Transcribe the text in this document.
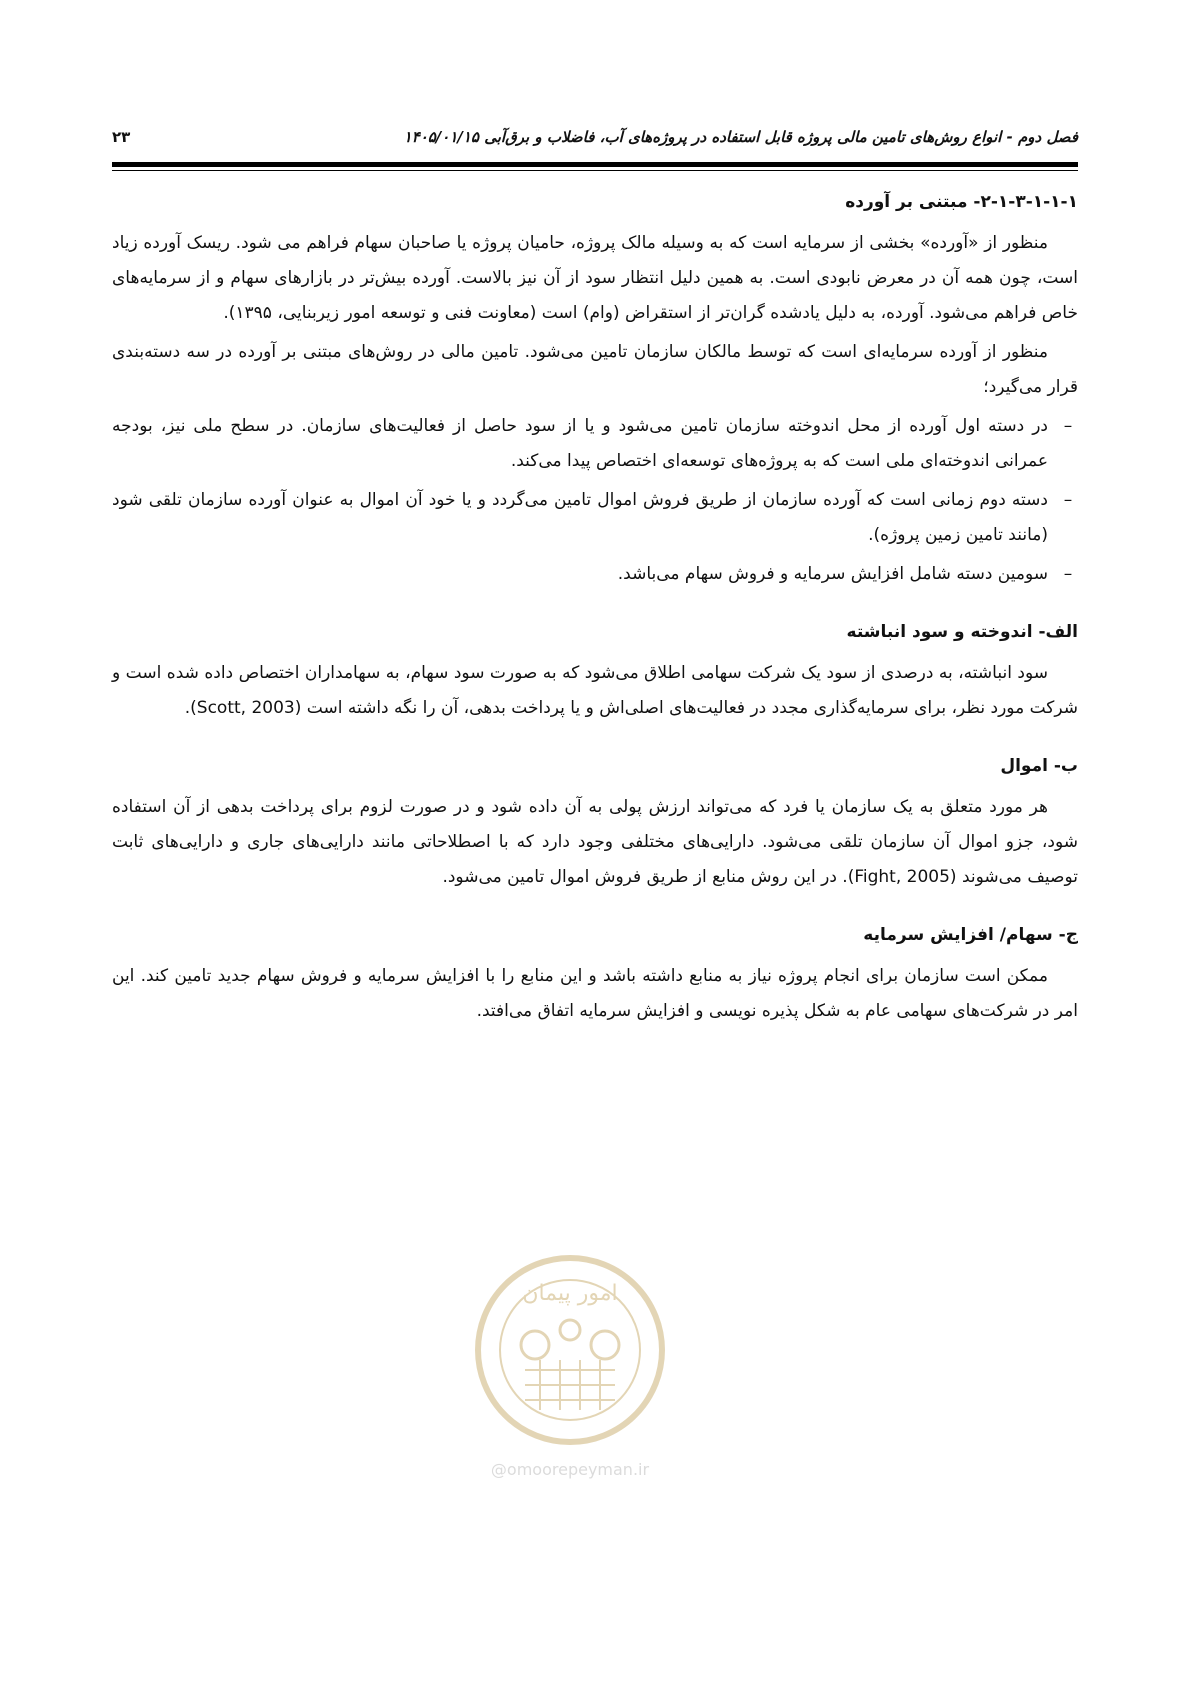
فصل دوم - انواع روش‌های تامین مالی پروژه قابل استفاده در پروژه‌های آب، فاضلاب و برق‌آبی ۱۴۰۵/۰۱/۱۵
۲۳
۲-۱-۳-۱-۱-۱- مبتنی بر آورده

منظور از «آورده» بخشی از سرمایه است که به وسیله مالک پروژه، حامیان پروژه یا صاحبان سهام فراهم می شود. ریسک آورده زیاد است، چون همه آن در معرض نابودی است. به همین دلیل انتظار سود از آن نیز بالاست. آورده بیش‌تر در بازارهای سهام و از سرمایه‌های خاص فراهم می‌شود. آورده، به دلیل یادشده گران‌تر از استقراض (وام) است (معاونت فنی و توسعه امور زیربنایی، ۱۳۹۵).

منظور از آورده سرمایه‌ای است که توسط مالکان سازمان تامین می‌شود. تامین مالی در روش‌های مبتنی بر آورده در سه دسته‌بندی قرار می‌گیرد؛

–
در دسته اول آورده از محل اندوخته سازمان تامین می‌شود و یا از سود حاصل از فعالیت‌های سازمان. در سطح ملی نیز، بودجه عمرانی اندوخته‌ای ملی است که به پروژه‌های توسعه‌ای اختصاص پیدا می‌کند.
–
دسته دوم زمانی است که آورده سازمان از طریق فروش اموال تامین می‌گردد و یا خود آن اموال به عنوان آورده سازمان تلقی شود (مانند تامین زمین پروژه).
–
سومین دسته شامل افزایش سرمایه و فروش سهام می‌باشد.
الف- اندوخته و سود انباشته

سود انباشته، به درصدی از سود یک شرکت سهامی اطلاق می‌شود که به صورت سود سهام، به سهامداران اختصاص داده شده است و شرکت مورد نظر، برای سرمایه‌گذاری مجدد در فعالیت‌های اصلی‌اش و یا پرداخت بدهی، آن را نگه داشته است (Scott, 2003).

ب- اموال

هر مورد متعلق به یک سازمان یا فرد که می‌تواند ارزش پولی به آن داده شود و در صورت لزوم برای پرداخت بدهی از آن استفاده شود، جزو اموال آن سازمان تلقی می‌شود. دارایی‌های مختلفی وجود دارد که با اصطلاحاتی مانند دارایی‌های جاری و دارایی‌های ثابت توصیف می‌شوند (Fight, 2005). در این روش منابع از طریق فروش اموال تامین می‌شود.

ج- سهام/ افزایش سرمایه

ممکن است سازمان برای انجام پروژه نیاز به منابع داشته باشد و این منابع را با افزایش سرمایه و فروش سهام جدید تامین کند. این امر در شرکت‌های سهامی عام به شکل پذیره نویسی و افزایش سرمایه اتفاق می‌افتد.

امور پیمان
@omoorepeyman.ir
